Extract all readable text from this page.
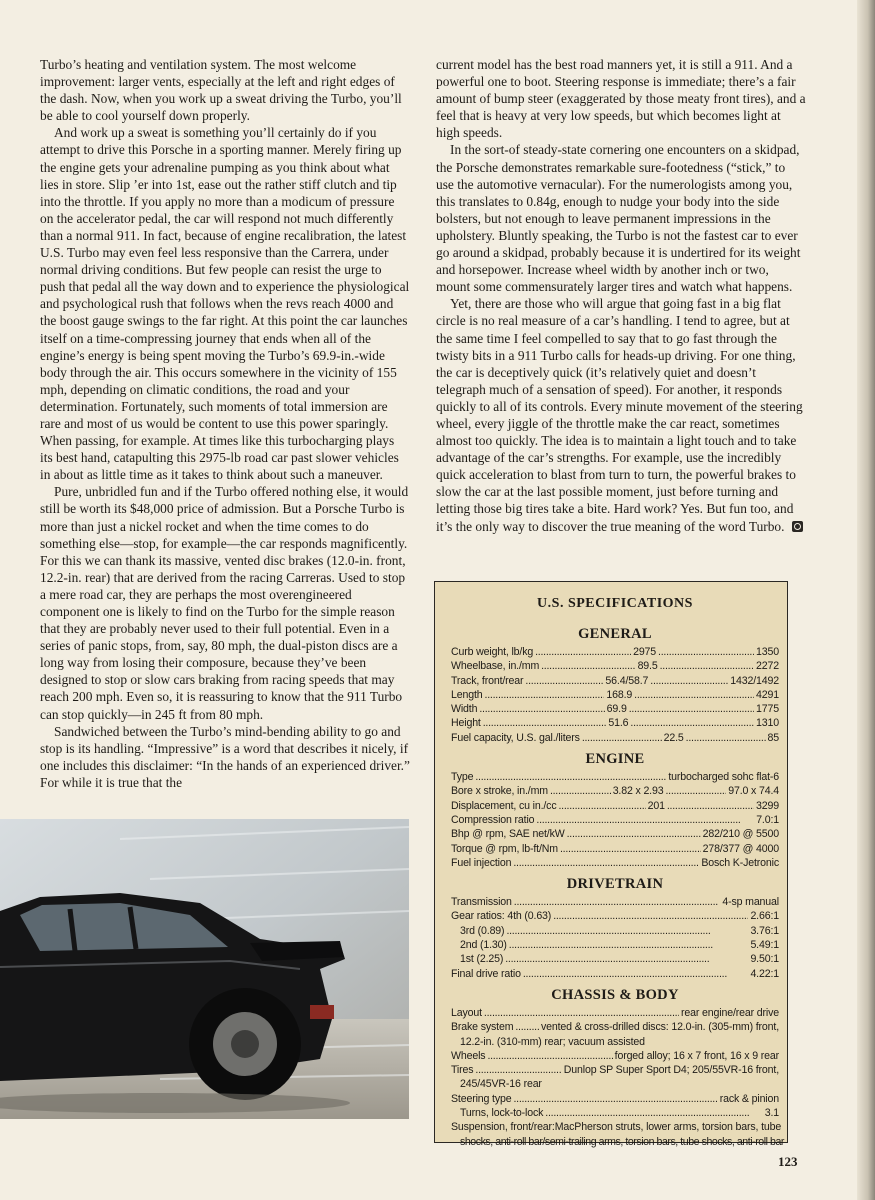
Turbo’s heating and ventilation system. The most welcome improvement: larger vents, especially at the left and right edges of the dash. Now, when you work up a sweat driving the Turbo, you’ll be able to cool yourself down properly.

And work up a sweat is something you’ll certainly do if you attempt to drive this Porsche in a sporting manner. Merely firing up the engine gets your adrenaline pumping as you think about what lies in store. Slip ’er into 1st, ease out the rather stiff clutch and tip into the throttle. If you apply no more than a modicum of pressure on the accelerator pedal, the car will respond not much differently than a normal 911. In fact, because of engine recalibration, the latest U.S. Turbo may even feel less responsive than the Carrera, under normal driving conditions. But few people can resist the urge to push that pedal all the way down and to experience the physiological and psychological rush that follows when the revs reach 4000 and the boost gauge swings to the far right. At this point the car launches itself on a time-compressing journey that ends when all of the engine’s energy is being spent moving the Turbo’s 69.9-in.-wide body through the air. This occurs somewhere in the vicinity of 155 mph, depending on climatic conditions, the road and your determination. Fortunately, such moments of total immersion are rare and most of us would be content to use this power sparingly. When passing, for example. At times like this turbocharging plays its best hand, catapulting this 2975-lb road car past slower vehicles in about as little time as it takes to think about such a maneuver.

Pure, unbridled fun and if the Turbo offered nothing else, it would still be worth its $48,000 price of admission. But a Porsche Turbo is more than just a nickel rocket and when the time comes to do something else—stop, for example—the car responds magnificently. For this we can thank its massive, vented disc brakes (12.0-in. front, 12.2-in. rear) that are derived from the racing Carreras. Used to stop a mere road car, they are perhaps the most overengineered component one is likely to find on the Turbo for the simple reason that they are probably never used to their full potential. Even in a series of panic stops, from, say, 80 mph, the dual-piston discs are a long way from losing their composure, because they’ve been designed to stop or slow cars braking from racing speeds that may reach 200 mph. Even so, it is reassuring to know that the 911 Turbo can stop quickly—in 245 ft from 80 mph.

Sandwiched between the Turbo’s mind-bending ability to go and stop is its handling. “Impressive” is a word that describes it nicely, if one includes this disclaimer: “In the hands of an experienced driver.” For while it is true that the

current model has the best road manners yet, it is still a 911. And a powerful one to boot. Steering response is immediate; there’s a fair amount of bump steer (exaggerated by those meaty front tires), and a feel that is heavy at very low speeds, but which becomes light at high speeds.

In the sort-of steady-state cornering one encounters on a skidpad, the Porsche demonstrates remarkable sure-footedness (“stick,” to use the automotive vernacular). For the numerologists among you, this translates to 0.84g, enough to nudge your body into the side bolsters, but not enough to leave permanent impressions in the upholstery. Bluntly speaking, the Turbo is not the fastest car to ever go around a skidpad, probably because it is undertired for its weight and horsepower. Increase wheel width by another inch or two, mount some commensurately larger tires and watch what happens.

Yet, there are those who will argue that going fast in a big flat circle is no real measure of a car’s handling. I tend to agree, but at the same time I feel compelled to say that to go fast through the twisty bits in a 911 Turbo calls for heads-up driving. For one thing, the car is deceptively quick (it’s relatively quiet and doesn’t telegraph much of a sensation of speed). For another, it responds quickly to all of its controls. Every minute movement of the steering wheel, every jiggle of the throttle make the car react, sometimes almost too quickly. The idea is to maintain a light touch and to take advantage of the car’s strengths. For example, use the incredibly quick acceleration to blast from turn to turn, the powerful brakes to slow the car at the last possible moment, just before turning and letting those big tires take a bite. Hard work? Yes. But fun too, and it’s the only way to discover the true meaning of the word Turbo.

U.S. SPECIFICATIONS
GENERAL
Curb weight, lb/kg . . .	2975 . . .	1350
Wheelbase, in./mm . . .	89.5 . . .	2272
Track, front/rear . . .	56.4/58.7 . . .	1432/1492
Length . . .	168.9 . . .	4291
Width . . .	69.9 . . .	1775
Height . . .	51.6 . . .	1310
Fuel capacity, U.S. gal./liters . . .	22.5 . . .	85
ENGINE
Type . . .	turbocharged sohc flat-6
Bore x stroke, in./mm . . .	3.82 x 2.93 . . .	97.0 x 74.4
Displacement, cu in./cc . . .	201 . . .	3299
Compression ratio . . .	7.0:1
Bhp @ rpm, SAE net/kW . . .	282/210 @ 5500
Torque @ rpm, lb-ft/Nm . . .	278/377 @ 4000
Fuel injection . . .	Bosch K-Jetronic
DRIVETRAIN
Transmission . . .	4-sp manual
Gear ratios: 4th (0.63) . . .	2.66:1
3rd (0.89) . . .	3.76:1
2nd (1.30) . . .	5.49:1
1st (2.25) . . .	9.50:1
Final drive ratio . . .	4.22:1
CHASSIS & BODY
Layout . . .	rear engine/rear drive
Brake system . . .	vented & cross-drilled discs: 12.0-in. (305-mm) front,
12.2-in. (310-mm) rear; vacuum assisted
Wheels . . .	forged alloy; 16 x 7 front, 16 x 9 rear
Tires . . .	Dunlop SP Super Sport D4; 205/55VR-16 front,
245/45VR-16 rear
Steering type . . .	rack & pinion
Turns, lock-to-lock . . .	3.1
Suspension, front/rear: MacPherson struts, lower arms, torsion bars, tube
shocks, anti-roll bar/semi-trailing arms, torsion bars, tube shocks, anti-roll bar
123
